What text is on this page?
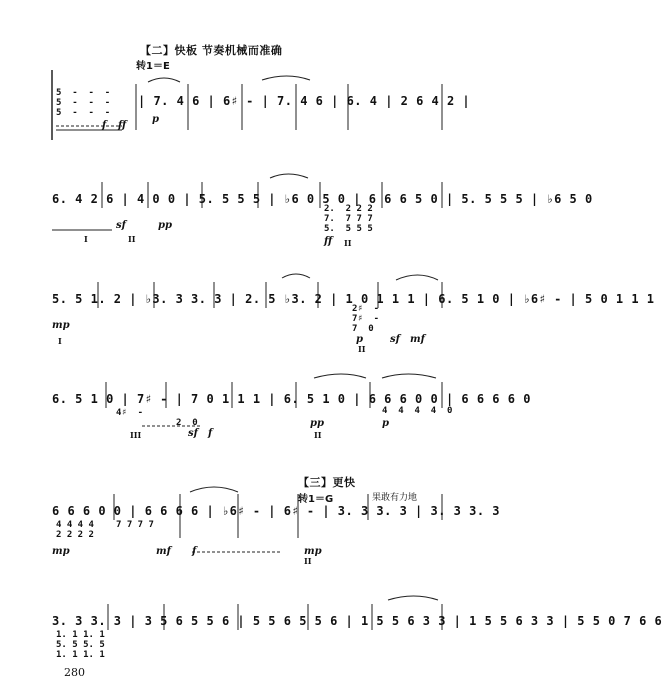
【二】快板 节奏机械而准确
转1＝E
| 7. 4 6 | 6♯ - | 7. 4 6 | 6. 4 | 2 6 4 2 |
5  -  -  -
5  -  -  -
5  -  -  -
f ff
p
6. 4 2 6 | 4 0 0 | 5. 5 5 5 | ♭6 0 5 0 | 6 6 6 5 0 | 5. 5 5 5 | ♭6 5 0
2.  2 2 2
7.  7 7 7
5.  5 5 5
sf	pp
ff
I	II	II
5. 5 1. 2 | ♭3. 3 3. 3 | 2. 5 ♭3. 2 | 1 0 1 1 1 | 6. 5 1 0 | ♭6♯ - | 5 0 1 1 1
2♯  -
7♯  -
7  0
mp
p	sf mf
I
II
6. 5 1 0 | 7♯ - | 7 0 1 1 1 | 6. 5 1 0 | 6 6 6 0 0 | 6 6 6 6 0
4  4  4  4  0
4♯  -
2  0
sf f
pp	p
III	II
【三】更快
转1＝G	果敢有力地
6 6 6 0 0 | 6 6 6 6 | ♭6♯ - | 6♯ - | 3. 3 3. 3 | 3. 3 3. 3
4 4 4 4
2 2 2 2
7 7 7 7
mp	mf f	mp
II
3. 3 3. 3 | 3 5 6 5 5 6 | 5 5 6 5 5 6 | 1 5 5 6 3 3 | 1 5 5 6 3 3 | 5 5 0 7 6 6
1. 1 1. 1
5. 5 5. 5
1. 1 1. 1
280
